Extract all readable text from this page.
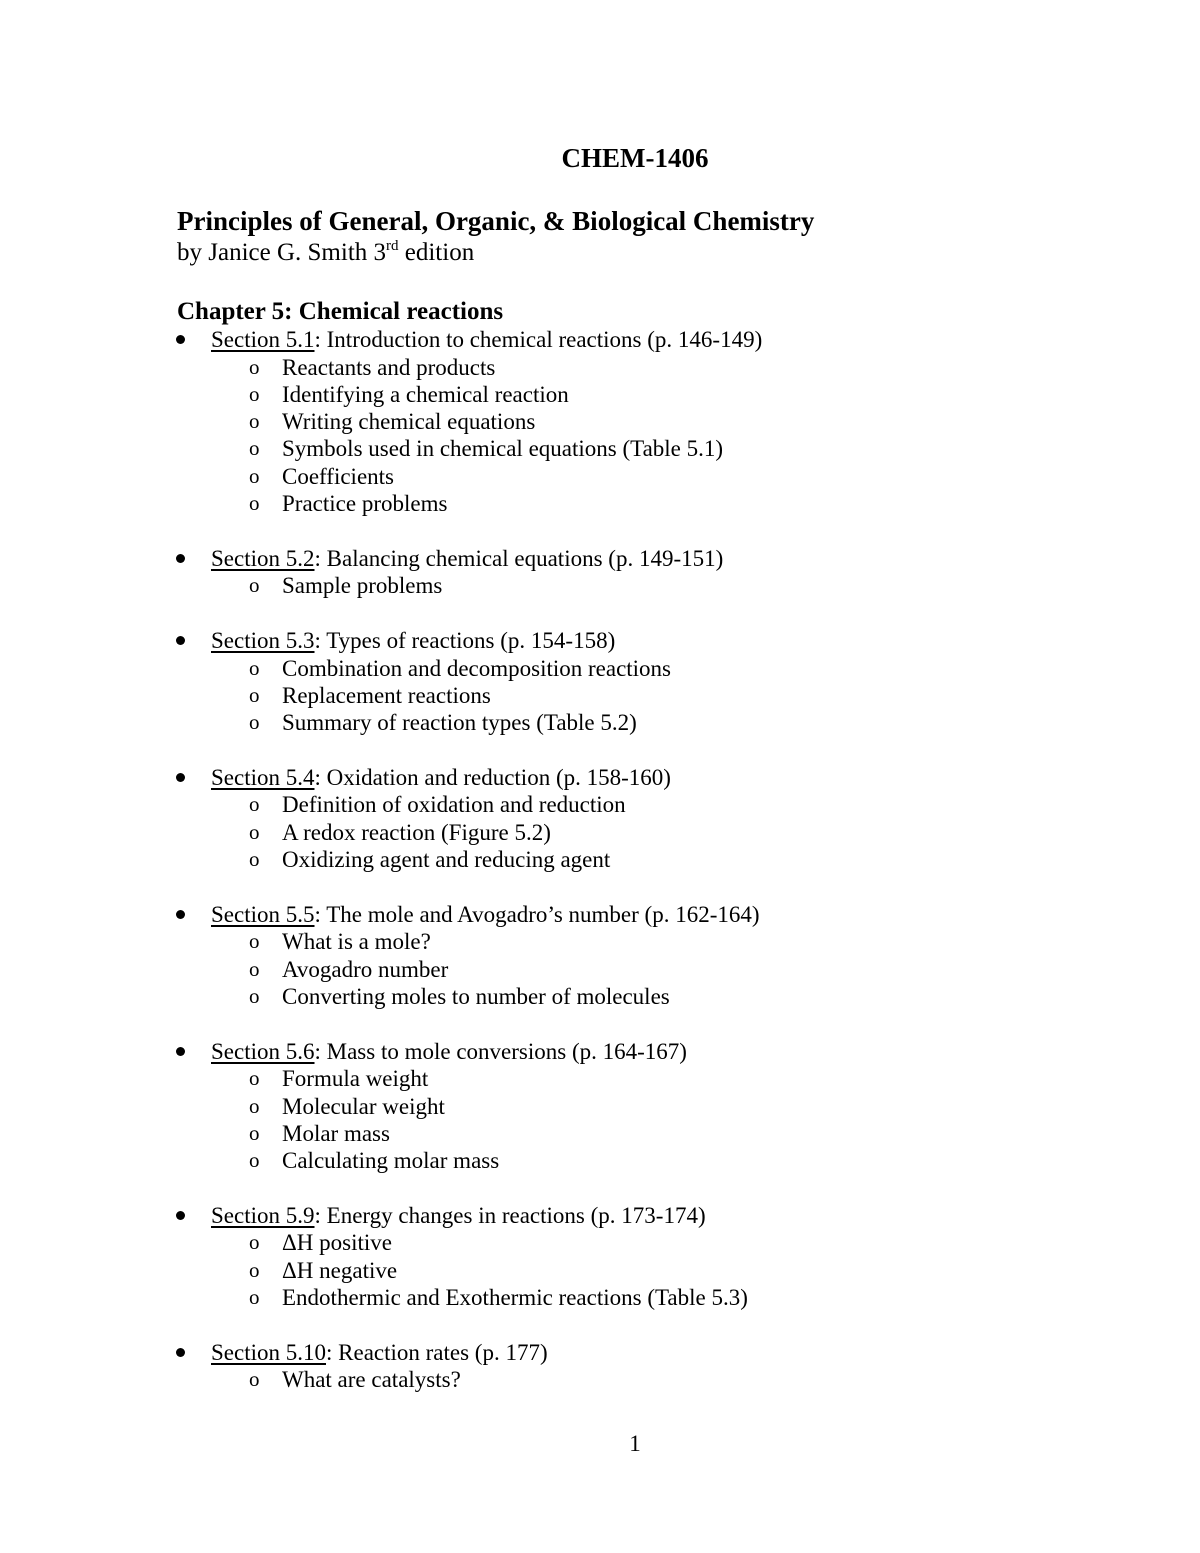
CHEM-1406
Principles of General, Organic, & Biological Chemistry
by Janice G. Smith 3rd edition
Chapter 5: Chemical reactions
Section 5.1: Introduction to chemical reactions (p. 146-149)
o Reactants and products
o Identifying a chemical reaction
o Writing chemical equations
o Symbols used in chemical equations (Table 5.1)
o Coefficients
o Practice problems
Section 5.2: Balancing chemical equations (p. 149-151)
o Sample problems
Section 5.3: Types of reactions (p. 154-158)
o Combination and decomposition reactions
o Replacement reactions
o Summary of reaction types (Table 5.2)
Section 5.4: Oxidation and reduction (p. 158-160)
o Definition of oxidation and reduction
o A redox reaction (Figure 5.2)
o Oxidizing agent and reducing agent
Section 5.5: The mole and Avogadro’s number (p. 162-164)
o What is a mole?
o Avogadro number
o Converting moles to number of molecules
Section 5.6: Mass to mole conversions (p. 164-167)
o Formula weight
o Molecular weight
o Molar mass
o Calculating molar mass
Section 5.9: Energy changes in reactions (p. 173-174)
o ΔH positive
o ΔH negative
o Endothermic and Exothermic reactions (Table 5.3)
Section 5.10: Reaction rates (p. 177)
o What are catalysts?
1
